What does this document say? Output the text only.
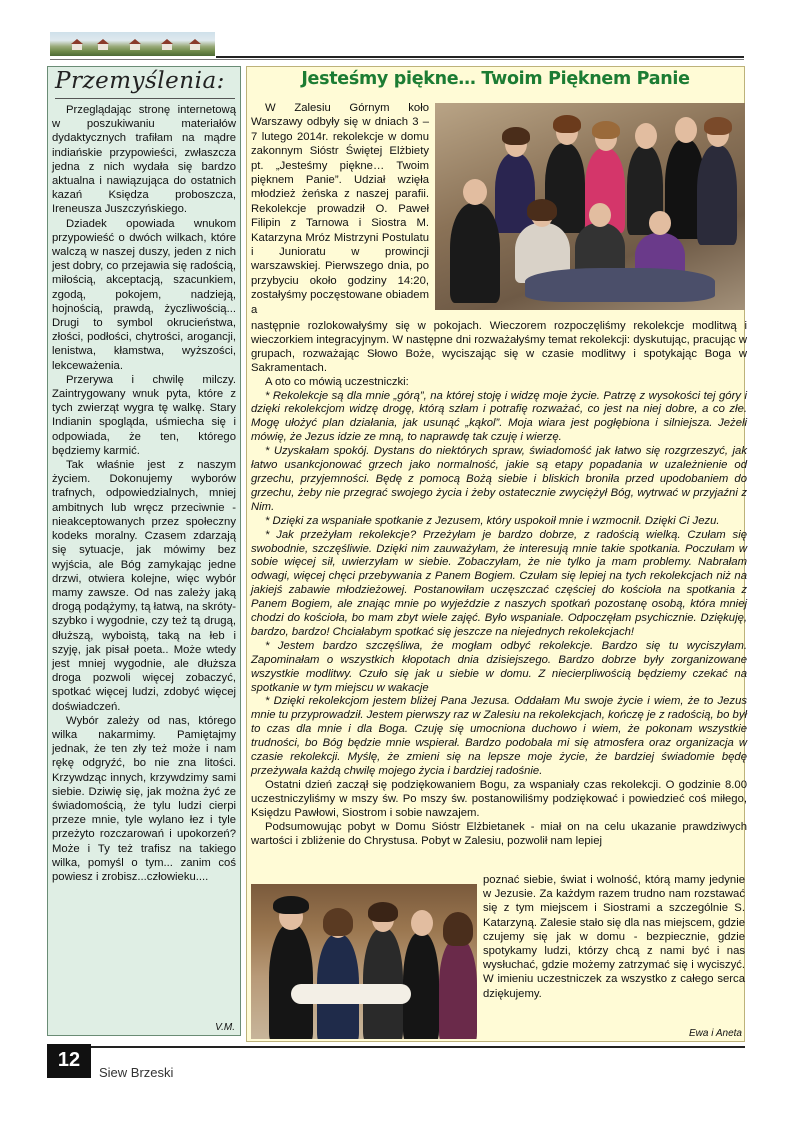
Przemyślenia:

Przeglądając stronę internetową w poszukiwaniu materiałów dydaktycznych trafiłam na mądre indiańskie przypowieści, zwłaszcza jedna z nich wydała się bardzo aktualna i nawiązująca do ostatnich kazań Księdza proboszcza, Ireneusza Juszczyńskiego.

Dziadek opowiada wnukom przypowieść o dwóch wilkach, które walczą w naszej duszy, jeden z nich jest dobry, co przejawia się radością, miłością, akceptacją, szacunkiem, zgodą, pokojem, nadzieją, hojnością, prawdą, życzliwością... Drugi to symbol okrucieństwa, złości, podłości, chytrości, arogancji, lenistwa, kłamstwa, wyższości, lekceważenia.

Przerywa i chwilę milczy. Zaintrygowany wnuk pyta, które z tych zwierząt wygra tę walkę. Stary Indianin spogląda, uśmiecha się i odpowiada, że ten, którego będziemy karmić.

Tak właśnie jest z naszym życiem. Dokonujemy wyborów trafnych, odpowiedzialnych, mniej ambitnych lub wręcz przeciwnie - nieakceptowanych przez społeczny kodeks moralny. Czasem zdarzają się sytuacje, jak mówimy bez wyjścia, ale Bóg zamykając jedne drzwi, otwiera kolejne, więc wybór mamy zawsze. Od nas zależy jaką drogą podążymy, tą łatwą, na skróty- szybko i wygodnie, czy też tą drugą, dłuższą, wyboistą, taką na łeb i szyję, jak pisał poeta.. Może wtedy jest mniej wygodnie, ale dłuższa droga pozwoli więcej zobaczyć, spotkać więcej ludzi, zdobyć więcej doświadczeń.

Wybór zależy od nas, którego wilka nakarmimy. Pamiętajmy jednak, że ten zły też może i nam rękę odgryźć, bo nie zna litości. Krzywdząc innych, krzywdzimy sami siebie. Dziwię się, jak można żyć ze świadomością, że tylu ludzi cierpi przeze mnie, tyle wylano łez i tyle przeżyto rozczarowań i upokorzeń? Może i Ty też trafisz na takiego wilka, pomyśl o tym... zanim coś powiesz i zrobisz...człowieku....

V.M.
Jesteśmy piękne… Twoim Pięknem Panie

W Zalesiu Górnym koło Warszawy odbyły się w dniach 3 – 7 lutego 2014r. rekolekcje w domu zakonnym Sióstr Świętej Elżbiety pt. „Jesteśmy piękne… Twoim pięknem Panie”. Udział wzięła młodzież żeńska z naszej parafii. Rekolekcje prowadził O. Paweł Filipin z Tarnowa i Siostra M. Katarzyna Mróz Mistrzyni Postulatu i Junioratu w prowincji warszawskiej. Pierwszego dnia, po przybyciu około godziny 14:20, zostałyśmy poczęstowane obiadem a

następnie rozlokowałyśmy się w pokojach. Wieczorem rozpoczęliśmy rekolekcje modlitwą i wieczorkiem integracyjnym. W następne dni rozważałyśmy temat rekolekcji: dyskutując, pracując w grupach, rozważając Słowo Boże, wyciszając się w czasie modlitwy i spotykając Boga w Sakramentach.

A oto co mówią uczestniczki:

* Rekolekcje są dla mnie „górą”, na której stoję i widzę moje życie. Patrzę z wysokości tej góry i dzięki rekolekcjom widzę drogę, którą szłam i potrafię rozważać, co jest na niej dobre, a co złe. Mogę ułożyć plan działania, jak usunąć „kąkol”. Moja wiara jest pogłębiona i silniejsza. Jeżeli mówię, że Jezus idzie ze mną, to naprawdę tak czuję i wierzę.

* Uzyskałam spokój. Dystans do niektórych spraw, świadomość jak łatwo się rozgrzeszyć, jak łatwo usankcjonować grzech jako normalność, jakie są etapy popadania w uzależnienie od grzechu, przyjemności. Będę z pomocą Bożą siebie i bliskich broniła przed upodobaniem do grzechu, żeby nie przegrać swojego życia i żeby ostatecznie zwyciężył Bóg, wytrwać w przyjaźni z Nim.

* Dzięki za wspaniałe spotkanie z Jezusem, który uspokoił mnie i wzmocnił. Dzięki Ci Jezu.

* Jak przeżyłam rekolekcje? Przeżyłam je bardzo dobrze, z radością wielką. Czułam się swobodnie, szczęśliwie. Dzięki nim zauważyłam, że interesują mnie takie spotkania. Poczułam w sobie więcej sił, uwierzyłam w siebie. Zobaczyłam, że nie tylko ja mam problemy. Nabrałam odwagi, więcej chęci przebywania z Panem Bogiem. Czułam się lepiej na tych rekolekcjach niż na jakiejś zabawie młodzieżowej. Postanowiłam uczęszczać częściej do kościoła na spotkania z Panem Bogiem, ale znając mnie po wyjeździe z naszych spotkań pozostanę osobą, która mniej chodzi do kościoła, bo mam zbyt wiele zajęć. Było wspaniale. Odpoczęłam psychicznie. Dziękuję, bardzo, bardzo! Chciałabym spotkać się jeszcze na niejednych rekolekcjach!

* Jestem bardzo szczęśliwa, że mogłam odbyć rekolekcje. Bardzo się tu wyciszyłam. Zapominałam o wszystkich kłopotach dnia dzisiejszego. Bardzo dobrze były zorganizowane wszystkie modlitwy. Czuło się jak u siebie w domu. Z niecierpliwością będziemy czekać na spotkanie w tym miejscu w wakacje

* Dzięki rekolekcjom jestem bliżej Pana Jezusa. Oddałam Mu swoje życie i wiem, że to Jezus mnie tu przyprowadził. Jestem pierwszy raz w Zalesiu na rekolekcjach, kończę je z radością, bo był to czas dla mnie i dla Boga. Czuję się umocniona duchowo i wiem, że pokonam wszystkie trudności, bo Bóg będzie mnie wspierał. Bardzo podobała mi się atmosfera oraz organizacja w czasie rekolekcji. Myślę, że zmieni się na lepsze moje życie, że bardziej świadomie będę przeżywała każdą chwilę mojego życia i bardziej radośnie.

Ostatni dzień zaczął się podziękowaniem Bogu, za wspaniały czas rekolekcji. O godzinie 8.00 uczestniczyliśmy w mszy św. Po mszy św. postanowiliśmy podziękować i powiedzieć coś miłego, Księdzu Pawłowi, Siostrom i sobie nawzajem.

Podsumowując pobyt w Domu Sióstr Elżbietanek - miał on na celu ukazanie prawdziwych wartości i zbliżenie do Chrystusa. Pobyt w Zalesiu, pozwolił nam lepiej

poznać siebie, świat i wolność, którą mamy jedynie w Jezusie. Za każdym razem trudno nam rozstawać się z tym miejscem i Siostrami a szczególnie S. Katarzyną. Zalesie stało się dla nas miejscem, gdzie czujemy się jak w domu - bezpiecznie, gdzie spotykamy ludzi, którzy chcą z nami być i nas wysłuchać, gdzie możemy zatrzymać się i wyciszyć. W imieniu uczestniczek za wszystko z całego serca dziękujemy.

Ewa i Aneta
12
Siew Brzeski
